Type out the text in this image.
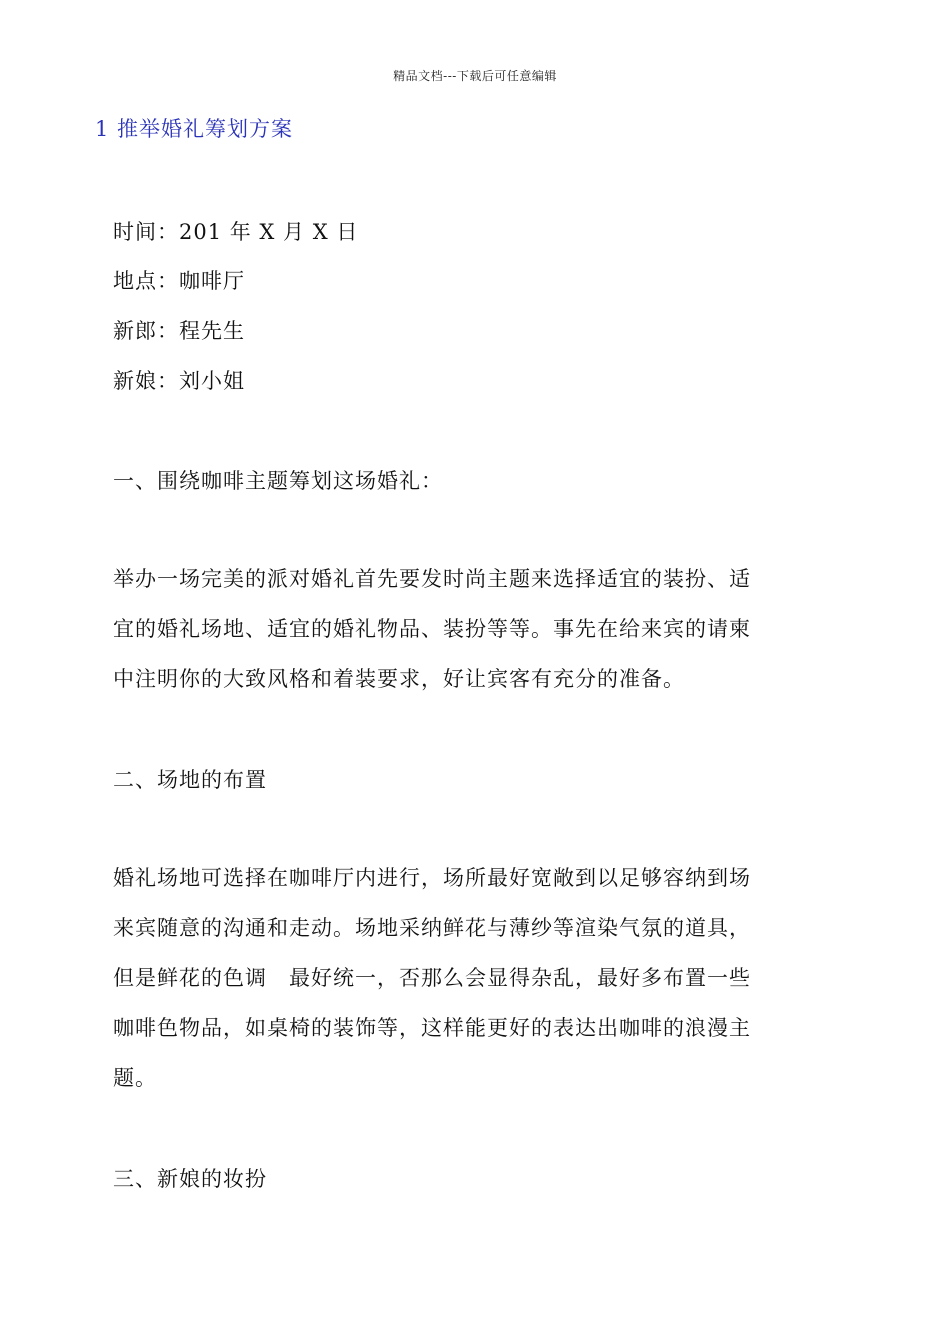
精品文档---下载后可任意编辑
1 推举婚礼筹划方案
时间：201 年 X 月 X 日
地点：咖啡厅
新郎：程先生
新娘：刘小姐
一、围绕咖啡主题筹划这场婚礼：

举办一场完美的派对婚礼首先要发时尚主题来选择适宜的装扮、适

宜的婚礼场地、适宜的婚礼物品、装扮等等。事先在给来宾的请柬

中注明你的大致风格和着装要求，好让宾客有充分的准备。

二、场地的布置

婚礼场地可选择在咖啡厅内进行，场所最好宽敞到以足够容纳到场

来宾随意的沟通和走动。场地采纳鲜花与薄纱等渲染气氛的道具，

但是鲜花的色调　最好统一，否那么会显得杂乱，最好多布置一些

咖啡色物品，如桌椅的装饰等，这样能更好的表达出咖啡的浪漫主

题。

三、新娘的妆扮
